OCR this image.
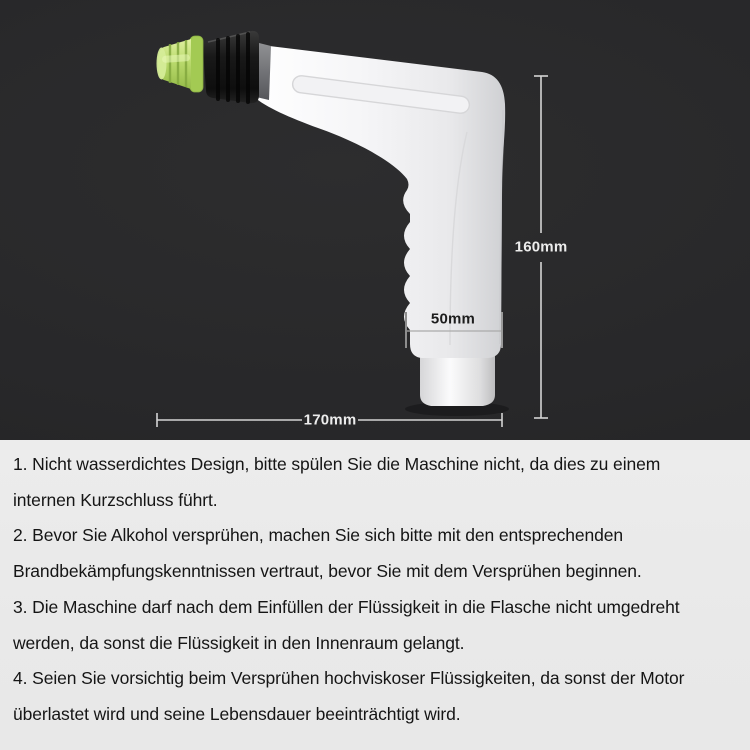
160mm
170mm
50mm
1. Nicht wasserdichtes Design, bitte spülen Sie die Maschine nicht, da dies zu einem
internen Kurzschluss führt.
2. Bevor Sie Alkohol versprühen, machen Sie sich bitte mit den entsprechenden
Brandbekämpfungskenntnissen vertraut, bevor Sie mit dem Versprühen beginnen.
3. Die Maschine darf nach dem Einfüllen der Flüssigkeit in die Flasche nicht umgedreht
werden, da sonst die Flüssigkeit in den Innenraum gelangt.
4. Seien Sie vorsichtig beim Versprühen hochviskoser Flüssigkeiten, da sonst der Motor
überlastet wird und seine Lebensdauer beeinträchtigt wird.
